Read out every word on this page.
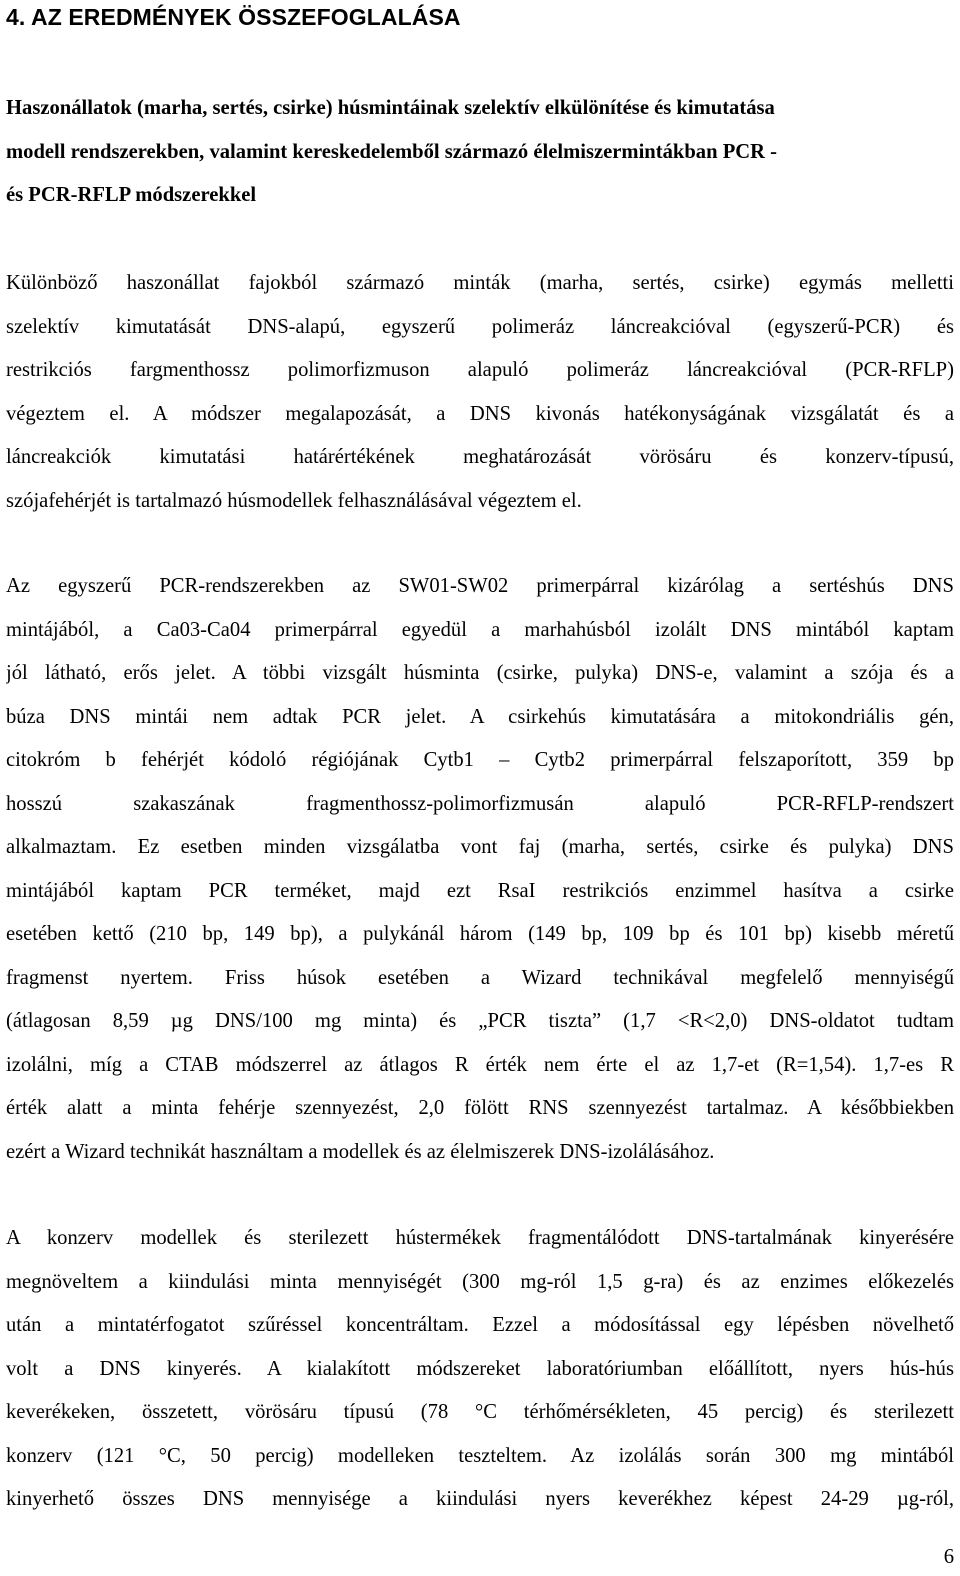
4. AZ EREDMÉNYEK ÖSSZEFOGLALÁSA
Haszonállatok (marha, sertés, csirke) húsmintáinak szelektív elkülönítése és kimutatása
modell rendszerekben, valamint kereskedelemből származó élelmiszermintákban PCR -
és PCR-RFLP módszerekkel
Különböző haszonállat fajokból származó minták (marha, sertés, csirke) egymás melletti
szelektív kimutatását DNS-alapú, egyszerű polimeráz láncreakcióval (egyszerű-PCR) és
restrikciós fargmenthossz polimorfizmuson alapuló polimeráz láncreakcióval (PCR-RFLP)
végeztem el. A módszer megalapozását, a DNS kivonás hatékonyságának vizsgálatát és a
láncreakciók kimutatási határértékének meghatározását vörösáru és konzerv-típusú,
szójafehérjét is tartalmazó húsmodellek felhasználásával végeztem el.
Az egyszerű PCR-rendszerekben az SW01-SW02 primerpárral kizárólag a sertéshús DNS
mintájából, a Ca03-Ca04 primerpárral egyedül a marhahúsból izolált DNS mintából kaptam
jól látható, erős jelet. A többi vizsgált húsminta (csirke, pulyka) DNS-e, valamint a szója és a
búza DNS mintái nem adtak PCR jelet. A csirkehús kimutatására a mitokondriális gén,
citokróm b fehérjét kódoló régiójának Cytb1 – Cytb2 primerpárral felszaporított, 359 bp
hosszú szakaszának fragmenthossz-polimorfizmusán alapuló PCR-RFLP-rendszert
alkalmaztam. Ez esetben minden vizsgálatba vont faj (marha, sertés, csirke és pulyka) DNS
mintájából kaptam PCR terméket, majd ezt RsaI restrikciós enzimmel hasítva a csirke
esetében kettő (210 bp, 149 bp), a pulykánál három (149 bp, 109 bp és 101 bp) kisebb méretű
fragmenst nyertem. Friss húsok esetében a Wizard technikával megfelelő mennyiségű
(átlagosan 8,59 µg DNS/100 mg minta) és „PCR tiszta” (1,7 <R<2,0) DNS-oldatot tudtam
izolálni, míg a CTAB módszerrel az átlagos R érték nem érte el az 1,7-et (R=1,54). 1,7-es R
érték alatt a minta fehérje szennyezést, 2,0 fölött RNS szennyezést tartalmaz. A későbbiekben
ezért a Wizard technikát használtam a modellek és az élelmiszerek DNS-izolálásához.
A konzerv modellek és sterilezett hústermékek fragmentálódott DNS-tartalmának kinyerésére
megnöveltem a kiindulási minta mennyiségét (300 mg-ról 1,5 g-ra) és az enzimes előkezelés
után a mintatérfogatot szűréssel koncentráltam. Ezzel a módosítással egy lépésben növelhető
volt a DNS kinyerés. A kialakított módszereket laboratóriumban előállított, nyers hús-hús
keverékeken, összetett, vörösáru típusú (78 °C térhőmérsékleten, 45 percig) és sterilezett
konzerv (121 °C, 50 percig) modelleken teszteltem. Az izolálás során 300 mg mintából
kinyerhető összes DNS mennyisége a kiindulási nyers keverékhez képest 24-29 µg-ról,
6
